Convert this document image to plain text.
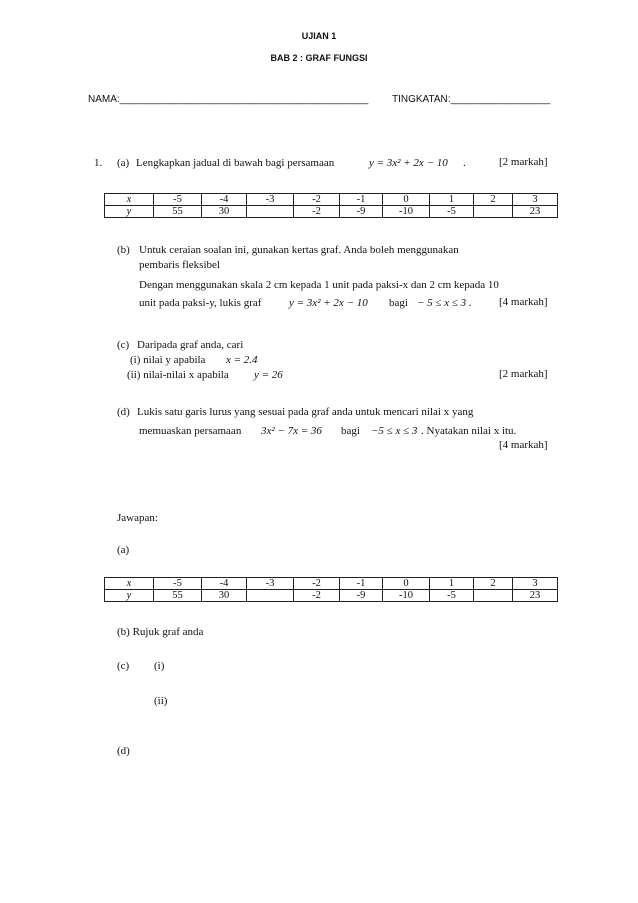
UJIAN 1
BAB 2 : GRAF FUNGSI
NAMA:__________________________________________________ TINGKATAN:____________________
1. (a) Lengkapkan jadual di bawah bagi persamaan	y = 3x² + 2x − 10 .	[2 markah]
x	-5	-4	-3	-2	-1	0	1	2	3
y	55	30		-2	-9	-10	-5		23
(b) Untuk ceraian soalan ini, gunakan kertas graf. Anda boleh menggunakan
pembaris fleksibel
Dengan menggunakan skala 2 cm kepada 1 unit pada paksi-x dan 2 cm kepada 10
unit pada paksi-y, lukis graf	y = 3x² + 2x − 10 bagi − 5 ≤ x ≤ 3 . [4 markah]
(c) Daripada graf anda, cari
(i) nilai y apabila x = 2.4
(ii) nilai-nilai x apabila y = 26	[2 markah]
(d) Lukis satu garis lurus yang sesuai pada graf anda untuk mencari nilai x yang
memuaskan persamaan 3x² − 7x = 36 bagi −5 ≤ x ≤ 3 . Nyatakan nilai x itu.
[4 markah]
Jawapan:
(a)
x	-5	-4	-3	-2	-1	0	1	2	3
y	55	30		-2	-9	-10	-5		23
(b) Rujuk graf anda
(c) (i)
(ii)
(d)
